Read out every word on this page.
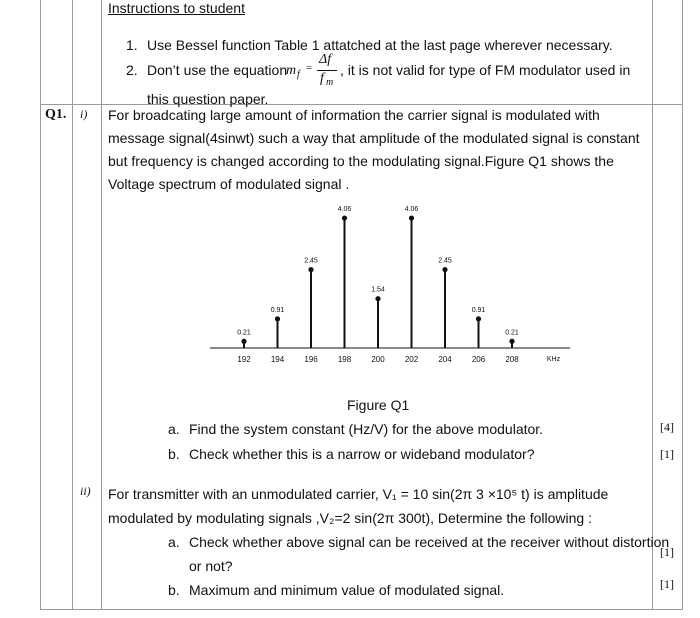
Instructions to student
1. Use Bessel function Table 1 attatched at the last page wherever necessary.
2. Don’t use the equation
m f
=
Δf
f m
, it is not valid for type of FM modulator used in
this question paper.
Q1. i) For broadcating large amount of information the carrier signal is modulated with message signal(4sinwt) such a way that amplitude of the modulated signal is constant but frequency is changed according to the modulating signal.Figure Q1 shows the Voltage spectrum of modulated signal .
0.21
0.91
2.45
4.06
1.54
4.06
2.45
0.91
0.21
192	194	196	198	200	202	204	206	208	KHz
Figure Q1
a. Find the system constant (Hz/V) for the above modulator.	[4]
b. Check whether this is a narrow or wideband modulator?	[1]
ii) For transmitter with an unmodulated carrier, V₁ = 10 sin(2π 3 ×10⁵ t) is amplitude
modulated by modulating signals ,V₂=2 sin(2π 300t), Determine the following :
a. Check whether above signal can be received at the receiver without distortion
or not?
[1]
b. Maximum and minimum value of modulated signal.	[1]
